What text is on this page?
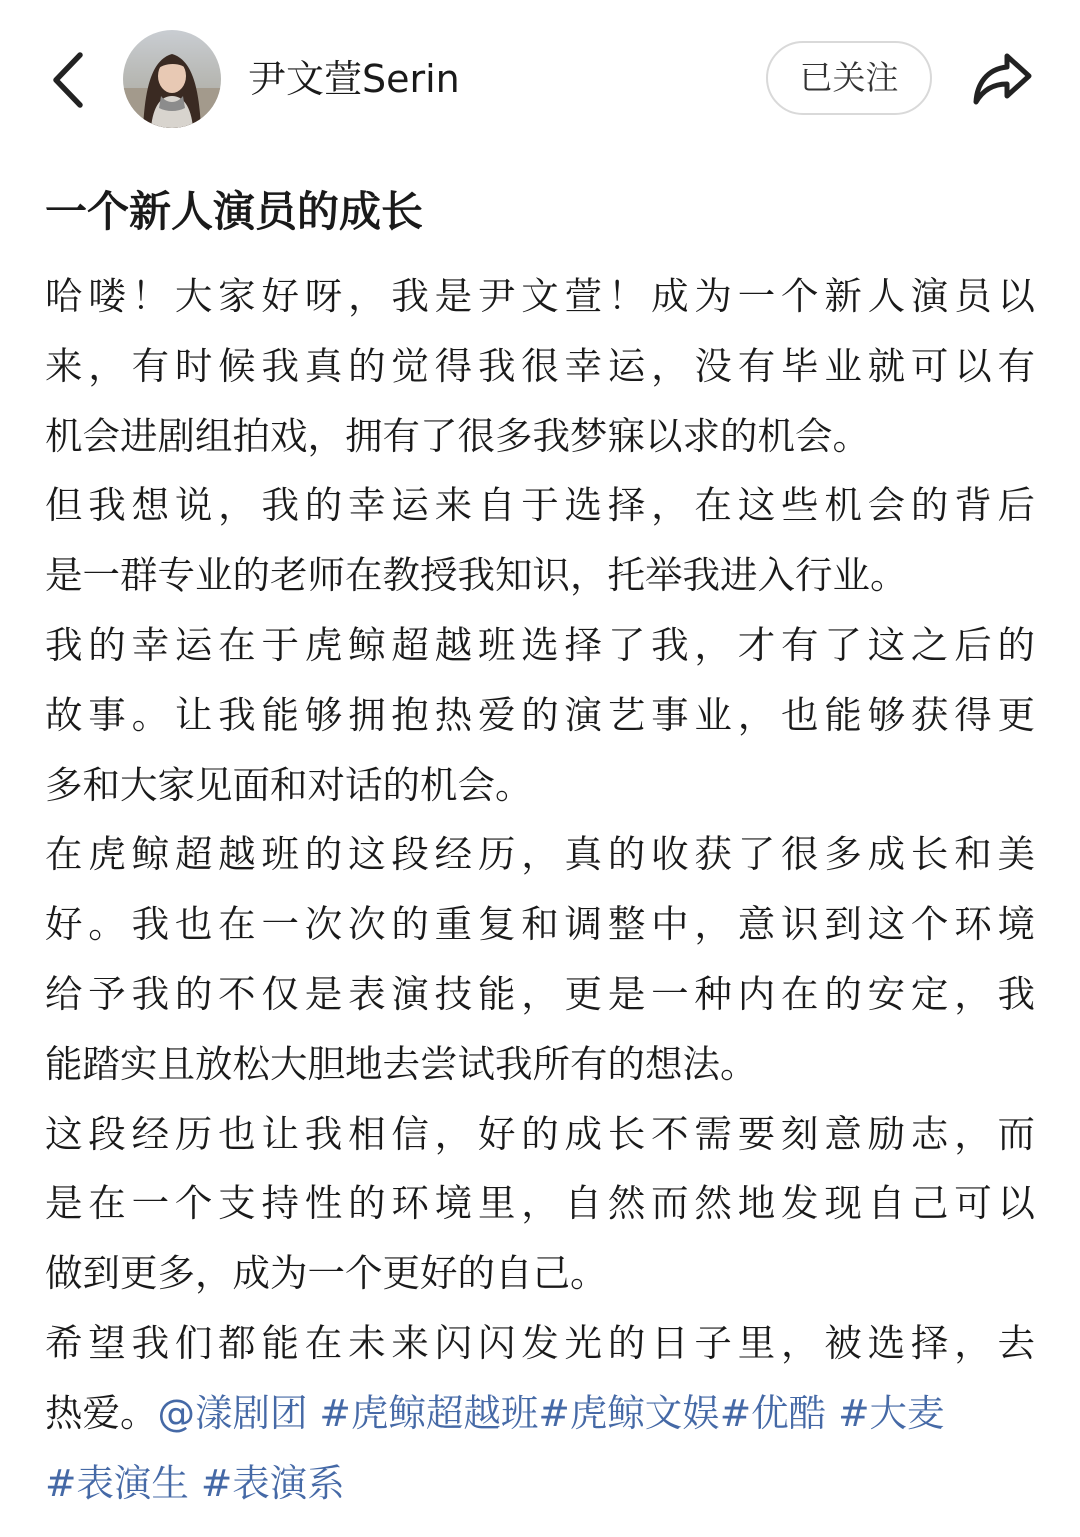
尹文萱Serin	已关注
一个新人演员的成长
哈喽！大家好呀，我是尹文萱！成为一个新人演员以
来，有时候我真的觉得我很幸运，没有毕业就可以有
机会进剧组拍戏，拥有了很多我梦寐以求的机会。
但我想说，我的幸运来自于选择，在这些机会的背后
是一群专业的老师在教授我知识，托举我进入行业。
我的幸运在于虎鲸超越班选择了我，才有了这之后的
故事。让我能够拥抱热爱的演艺事业，也能够获得更
多和大家见面和对话的机会。
在虎鲸超越班的这段经历，真的收获了很多成长和美
好。我也在一次次的重复和调整中，意识到这个环境
给予我的不仅是表演技能，更是一种内在的安定，我
能踏实且放松大胆地去尝试我所有的想法。
这段经历也让我相信，好的成长不需要刻意励志，而
是在一个支持性的环境里，自然而然地发现自己可以
做到更多，成为一个更好的自己。
希望我们都能在未来闪闪发光的日子里，被选择，去
热爱。@漾剧团 #虎鲸超越班#虎鲸文娱#优酷 #大麦
#表演生 #表演系
